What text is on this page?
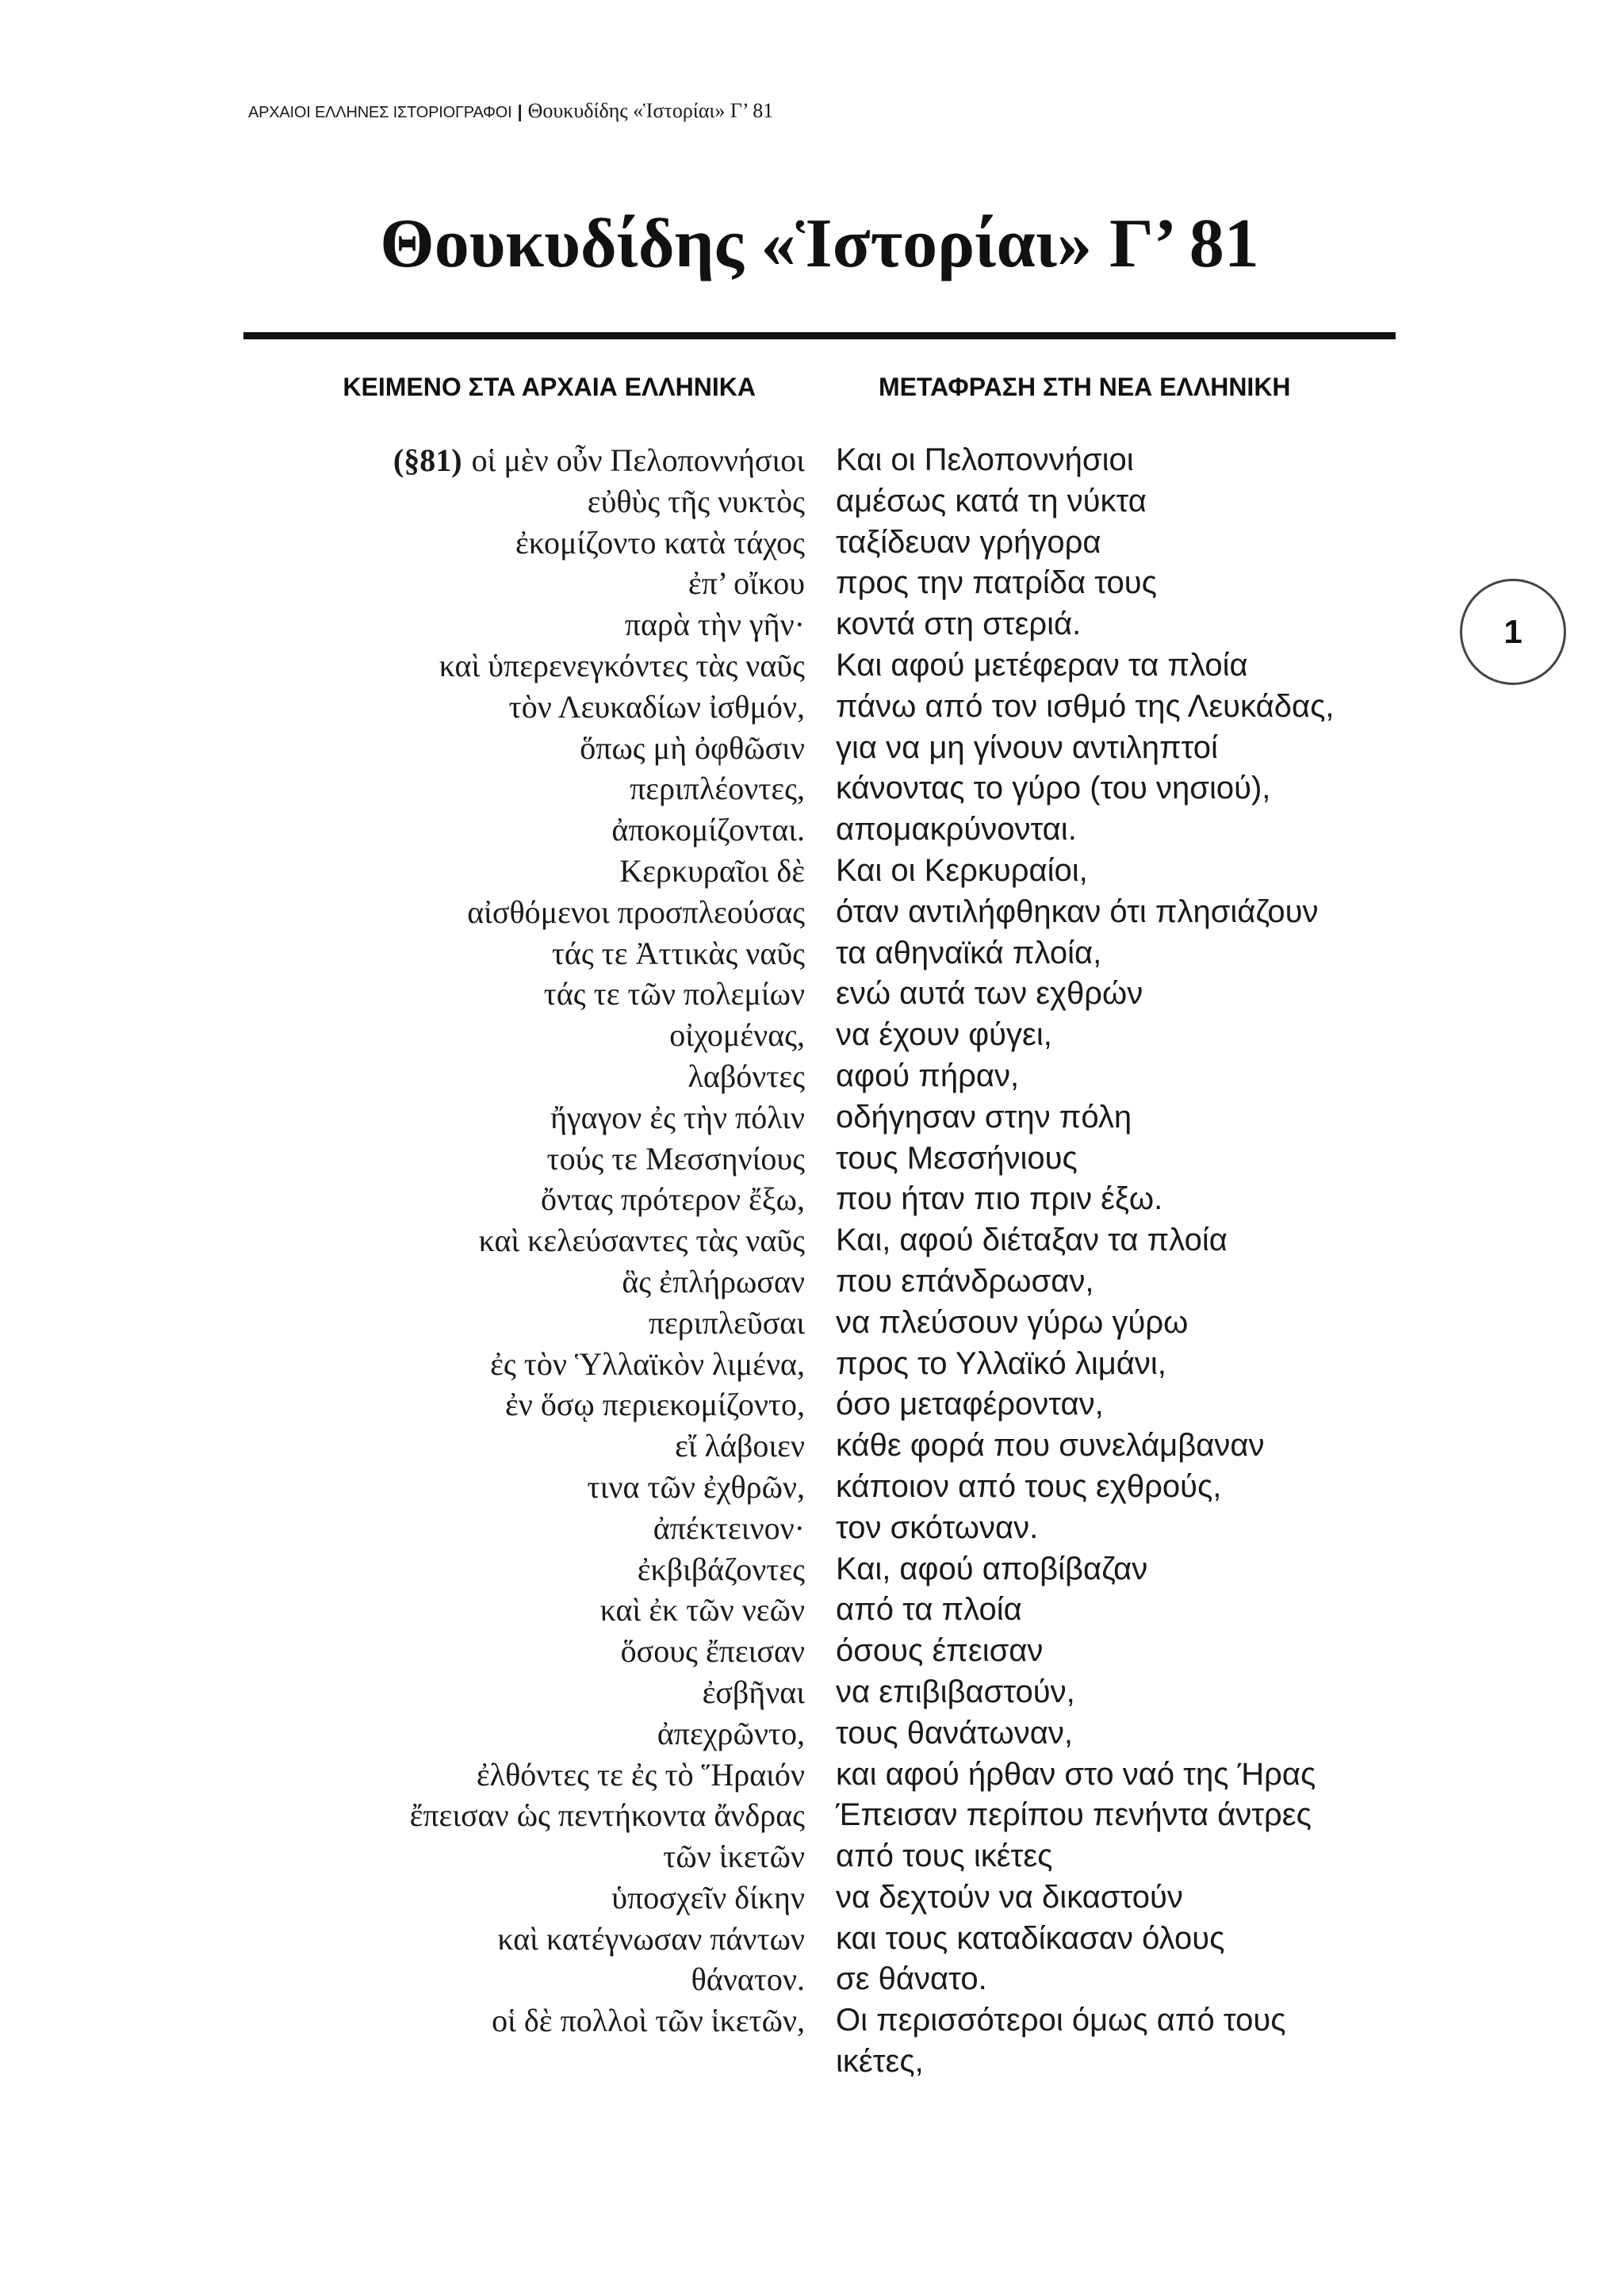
ΑΡΧΑΙΟΙ ΕΛΛΗΝΕΣ ΙΣΤΟΡΙΟΓΡΑΦΟΙ | Θουκυδίδης «Ἱστορίαι» Γ’ 81
Θουκυδίδης «Ἱστορίαι» Γ’ 81
ΚΕΙΜΕΝΟ ΣΤΑ ΑΡΧΑΙΑ ΕΛΛΗΝΙΚΑ	ΜΕΤΑΦΡΑΣΗ ΣΤΗ ΝΕΑ ΕΛΛΗΝΙΚΗ
(§81) οἱ μὲν οὖν Πελοποννήσιοι Και οι Πελοποννήσιοι
εὐθὺς τῆς νυκτὸς αμέσως κατά τη νύκτα
ἐκομίζοντο κατὰ τάχος ταξίδευαν γρήγορα
ἐπ’ οἴκου προς την πατρίδα τους
παρὰ τὴν γῆν· κοντά στη στεριά.
καὶ ὑπερενεγκόντες τὰς ναῦς Και αφού μετέφεραν τα πλοία
τὸν Λευκαδίων ἰσθμόν, πάνω από τον ισθμό της Λευκάδας,
ὅπως μὴ ὀφθῶσιν για να μη γίνουν αντιληπτοί
περιπλέοντες, κάνοντας το γύρο (του νησιού),
ἀποκομίζονται. απομακρύνονται.
Κερκυραῖοι δὲ Και οι Κερκυραίοι,
αἰσθόμενοι προσπλεούσας όταν αντιλήφθηκαν ότι πλησιάζουν
τάς τε Ἀττικὰς ναῦς τα αθηναϊκά πλοία,
τάς τε τῶν πολεμίων ενώ αυτά των εχθρών
οἰχομένας, να έχουν φύγει,
λαβόντες αφού πήραν,
ἤγαγον ἐς τὴν πόλιν οδήγησαν στην πόλη
τούς τε Μεσσηνίους τους Μεσσήνιους
ὄντας πρότερον ἔξω, που ήταν πιο πριν έξω.
καὶ κελεύσαντες τὰς ναῦς Και, αφού διέταξαν τα πλοία
ἃς ἐπλήρωσαν που επάνδρωσαν,
περιπλεῦσαι να πλεύσουν γύρω γύρω
ἐς τὸν Ὑλλαϊκὸν λιμένα, προς το Υλλαϊκό λιμάνι,
ἐν ὅσῳ περιεκομίζοντο, όσο μεταφέρονταν,
εἴ λάβοιεν κάθε φορά που συνελάμβαναν
τινα τῶν ἐχθρῶν, κάποιον από τους εχθρούς,
ἀπέκτεινον· τον σκότωναν.
ἐκβιβάζοντες Και, αφού αποβίβαζαν
καὶ ἐκ τῶν νεῶν από τα πλοία
ὅσους ἔπεισαν όσους έπεισαν
ἐσβῆναι να επιβιβαστούν,
ἀπεχρῶντο, τους θανάτωναν,
ἐλθόντες τε ἐς τὸ Ἥραιόν και αφού ήρθαν στο ναό της Ήρας
ἔπεισαν ὡς πεντήκοντα ἄνδρας Έπεισαν περίπου πενήντα άντρες
τῶν ἱκετῶν από τους ικέτες
ὑποσχεῖν δίκην να δεχτούν να δικαστούν
καὶ κατέγνωσαν πάντων και τους καταδίκασαν όλους
θάνατον. σε θάνατο.
οἱ δὲ πολλοὶ τῶν ἱκετῶν, Οι περισσότεροι όμως από τους
ικέτες,
1
